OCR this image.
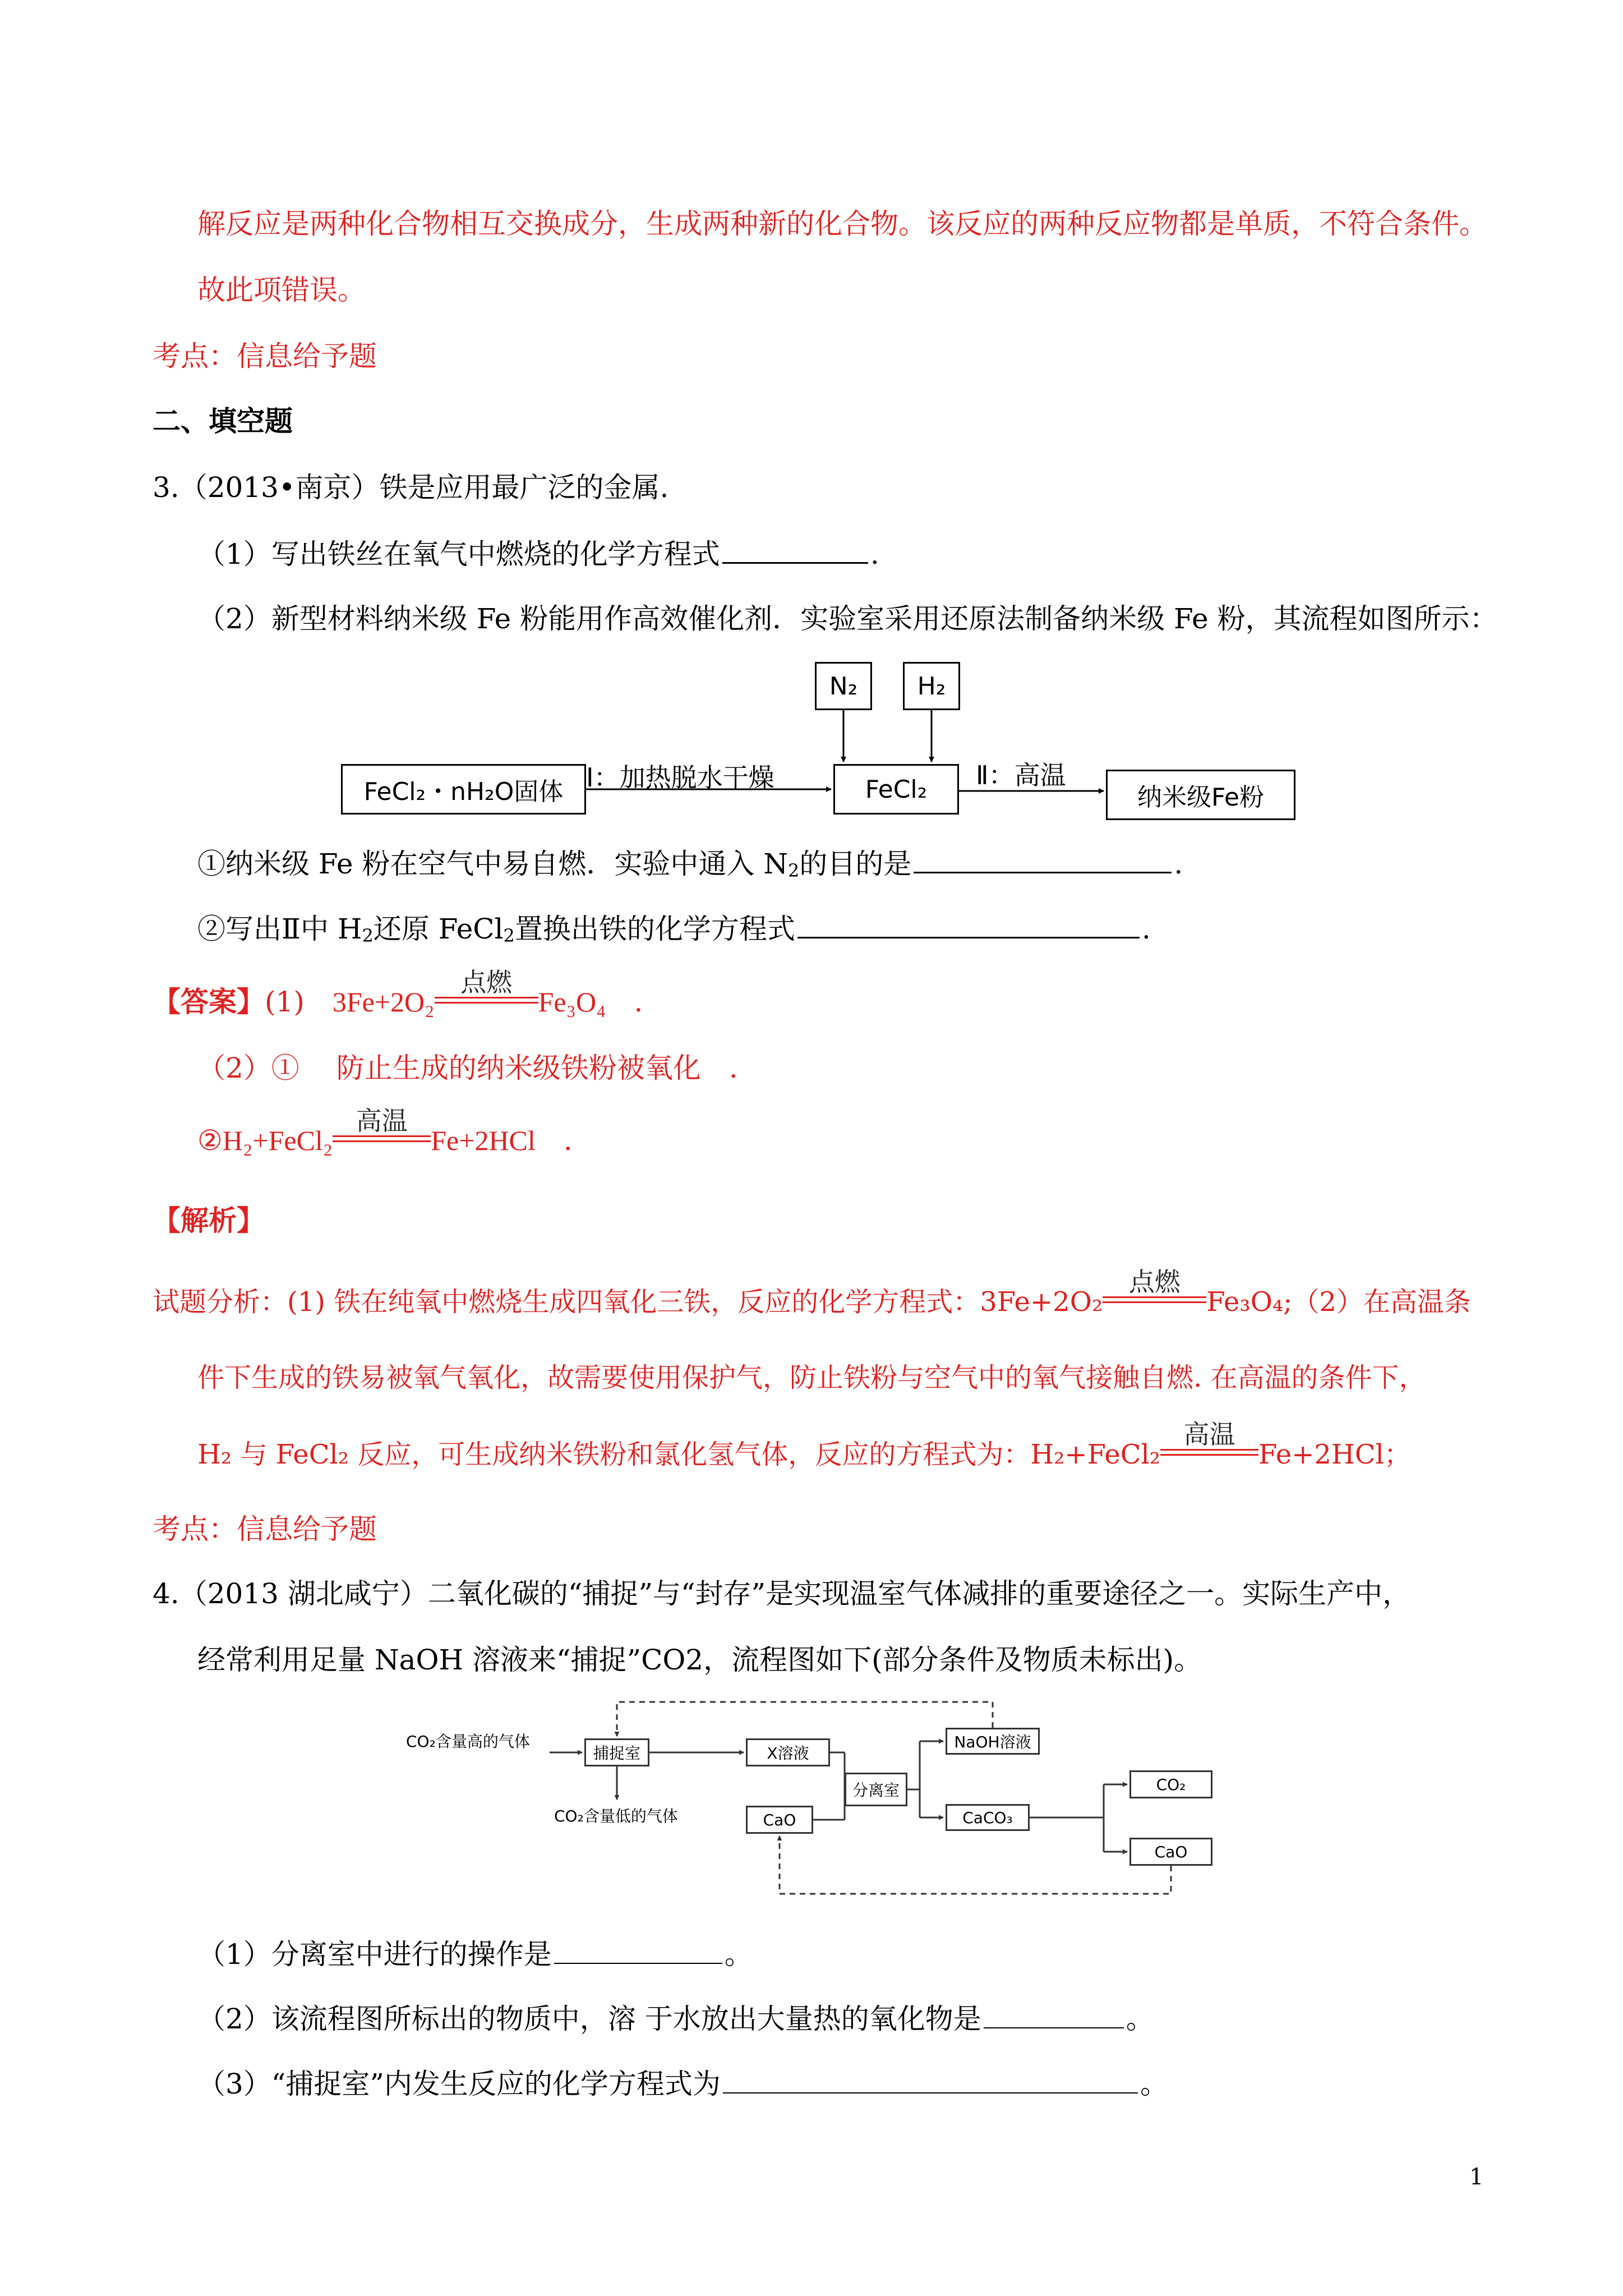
解反应是两种化合物相互交换成分，生成两种新的化合物。该反应的两种反应物都是单质，不符合条件。
故此项错误。
考点：信息给予题
二、填空题
3.（2013•南京）铁是应用最广泛的金属.
（1）写出铁丝在氧气中燃烧的化学方程式	.
（2）新型材料纳米级 Fe 粉能用作高效催化剂．实验室采用还原法制备纳米级 Fe 粉，其流程如图所示：
N₂	H₂
FeCl₂・nH₂O固体	FeCl₂	纳米级Fe粉
Ⅰ：加热脱水干燥	Ⅱ：高温
①纳米级 Fe 粉在空气中易自燃．实验中通入 $N_2$的目的是	.
②写出Ⅱ中 $H_2$还原 FeCl$_2$置换出铁的化学方程式	.
【答案】(1)　3Fe+2O₂
点燃
Fe₃O₄　.
（2）①　 防止生成的纳米级铁粉被氧化　.
②H₂+FeCl₂
高温
Fe+2HCl　.
【解析】
试题分析：(1) 铁在纯氧中燃烧生成四氧化三铁，反应的化学方程式：3Fe+2O₂
点燃
Fe₃O₄;（2）在高温条
件下生成的铁易被氧气氧化，故需要使用保护气，防止铁粉与空气中的氧气接触自燃. 在高温的条件下，
H₂ 与 FeCl₂ 反应，可生成纳米铁粉和氯化氢气体，反应的方程式为：H₂+FeCl₂
高温
Fe+2HCl；
考点：信息给予题
4.（2013 湖北咸宁）二氧化碳的“捕捉”与“封存”是实现温室气体减排的重要途径之一。实际生产中，
经常利用足量 NaOH 溶液来“捕捉”CO2，流程图如下(部分条件及物质未标出)。
CO₂含量高的气体
CO₂含量低的气体
捕捉室	X溶液
CaO
分离室
NaOH溶液
CaCO₃
CO₂
CaO
（1）分离室中进行的操作是	。
（2）该流程图所标出的物质中，溶 于水放出大量热的氧化物是	。
（3）“捕捉室”内发生反应的化学方程式为	。
1
